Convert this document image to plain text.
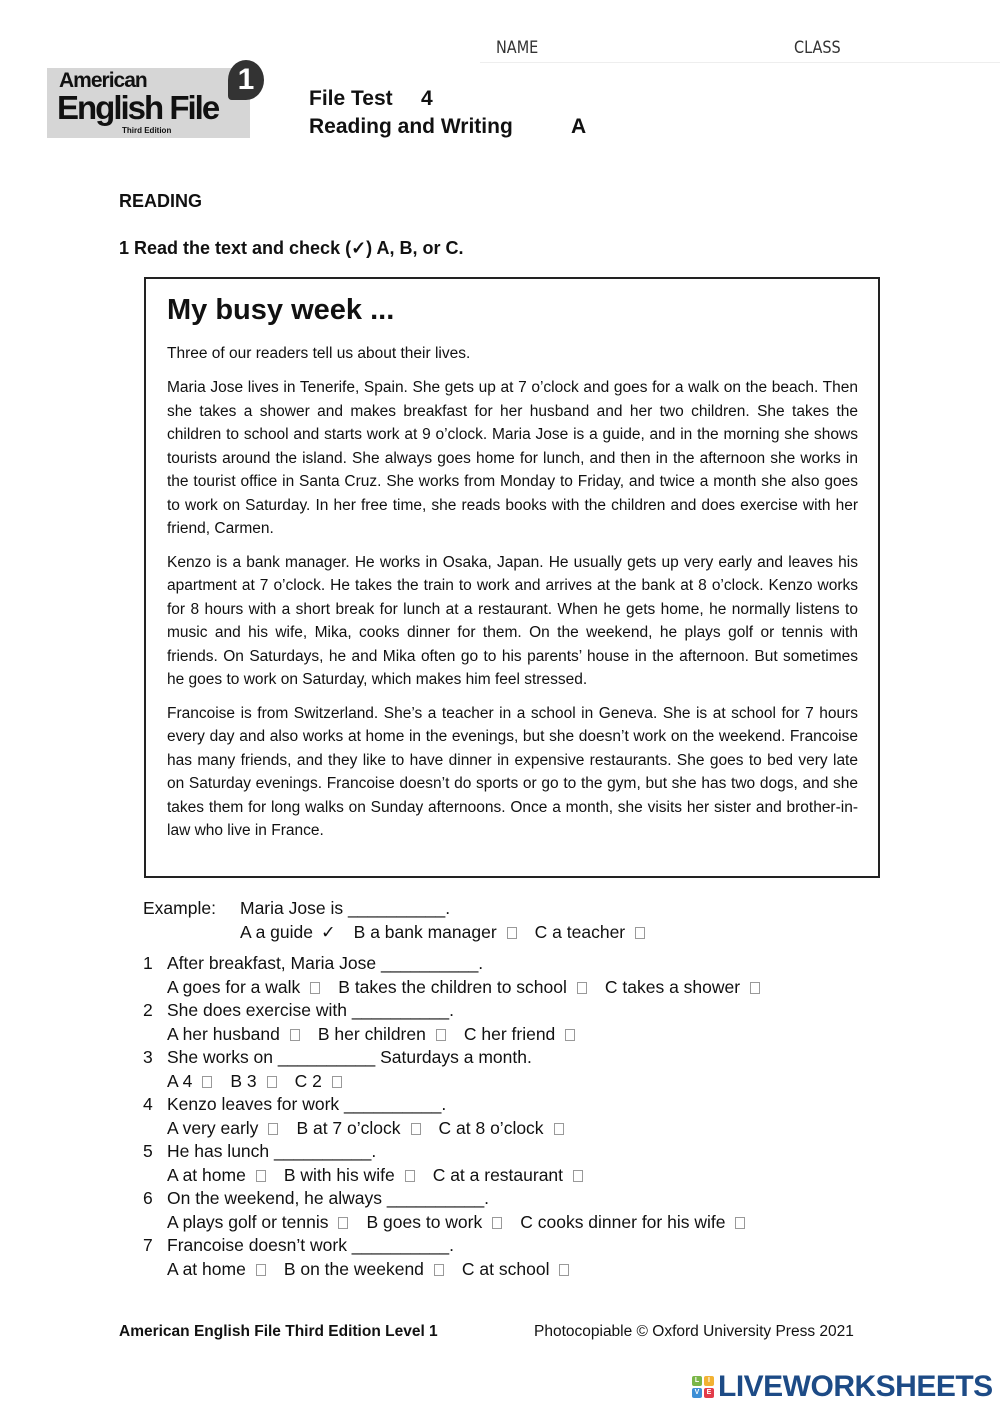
NAME	CLASS
American
English File
Third Edition
1
File Test 4
Reading and Writing	A
READING
1 Read the text and check (✓) A, B, or C.
My busy week ...
Three of our readers tell us about their lives.

Maria Jose lives in Tenerife, Spain. She gets up at 7 o’clock and goes for a walk on the beach. Then she takes a shower and makes breakfast for her husband and her two children. She takes the children to school and starts work at 9 o’clock. Maria Jose is a guide, and in the morning she shows tourists around the island. She always goes home for lunch, and then in the afternoon she works in the tourist office in Santa Cruz. She works from Monday to Friday, and twice a month she also goes to work on Saturday. In her free time, she reads books with the children and does exercise with her friend, Carmen.

Kenzo is a bank manager. He works in Osaka, Japan. He usually gets up very early and leaves his apartment at 7 o’clock. He takes the train to work and arrives at the bank at 8 o’clock. Kenzo works for 8 hours with a short break for lunch at a restaurant. When he gets home, he normally listens to music and his wife, Mika, cooks dinner for them. On the weekend, he plays golf or tennis with friends. On Saturdays, he and Mika often go to his parents’ house in the afternoon. But sometimes he goes to work on Saturday, which makes him feel stressed.

Francoise is from Switzerland. She’s a teacher in a school in Geneva. She is at school for 7 hours every day and also works at home in the evenings, but she doesn’t work on the weekend. Francoise has many friends, and they like to have dinner in expensive restaurants. She goes to bed very late on Saturday evenings. Francoise doesn’t do sports or go to the gym, but she has two dogs, and she takes them for long walks on Sunday afternoons. Once a month, she visits her sister and brother-in-law who live in France.

Example: Maria Jose is __________.
A a guide ✓ B a bank manager C a teacher
1 After breakfast, Maria Jose __________.
A goes for a walk B takes the children to school C takes a shower
2 She does exercise with __________.
A her husband B her children C her friend
3 She works on __________ Saturdays a month.
A 4 B 3 C 2
4 Kenzo leaves for work __________.
A very early B at 7 o’clock C at 8 o’clock
5 He has lunch __________.
A at home B with his wife C at a restaurant
6 On the weekend, he always __________.
A plays golf or tennis B goes to work C cooks dinner for his wife
7 Francoise doesn’t work __________.
A at home B on the weekend C at school
American English File Third Edition Level 1	Photocopiable © Oxford University Press 2021
LIVEWORKSHEETS
L	I
V	E
